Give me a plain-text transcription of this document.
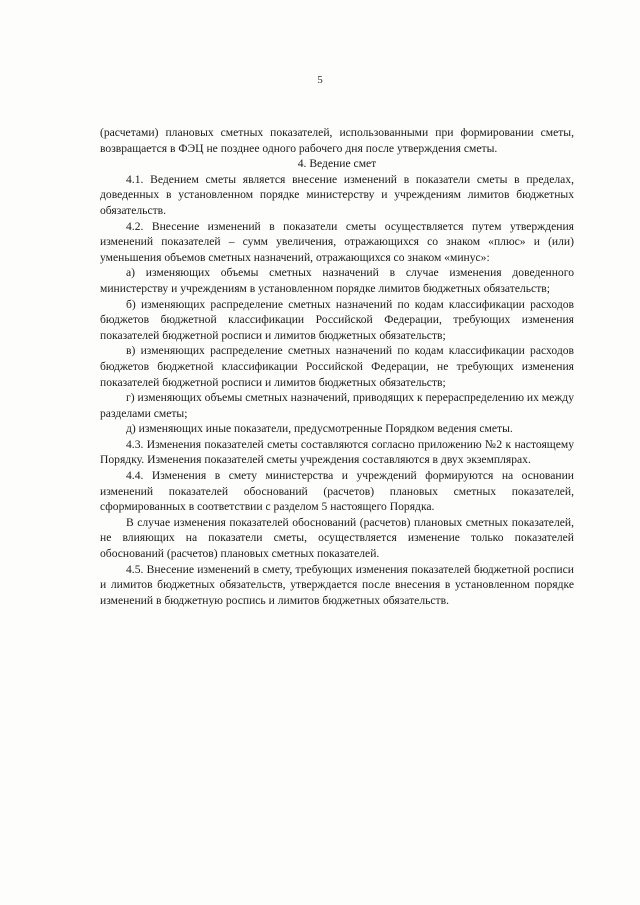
5

(расчетами) плановых сметных показателей, использованными при формировании сметы, возвращается в ФЭЦ не позднее одного рабочего дня после утверждения сметы.

4. Ведение смет

4.1. Ведением сметы является внесение изменений в показатели сметы в пределах, доведенных в установленном порядке министерству и учреждениям лимитов бюджетных обязательств.

4.2. Внесение изменений в показатели сметы осуществляется путем утверждения изменений показателей – сумм увеличения, отражающихся со знаком «плюс» и (или) уменьшения объемов сметных назначений, отражающихся со знаком «минус»:

а) изменяющих объемы сметных назначений в случае изменения доведенного министерству и учреждениям в установленном порядке лимитов бюджетных обязательств;

б) изменяющих распределение сметных назначений по кодам классификации расходов бюджетов бюджетной классификации Российской Федерации, требующих изменения показателей бюджетной росписи и лимитов бюджетных обязательств;

в) изменяющих распределение сметных назначений по кодам классификации расходов бюджетов бюджетной классификации Российской Федерации, не требующих изменения показателей бюджетной росписи и лимитов бюджетных обязательств;

г) изменяющих объемы сметных назначений, приводящих к перераспределению их между разделами сметы;

д) изменяющих иные показатели, предусмотренные Порядком ведения сметы.

4.3. Изменения показателей сметы составляются согласно приложению №2 к настоящему Порядку. Изменения показателей сметы учреждения составляются в двух экземплярах.

4.4. Изменения в смету министерства и учреждений формируются на основании изменений показателей обоснований (расчетов) плановых сметных показателей, сформированных в соответствии с разделом 5 настоящего Порядка.

В случае изменения показателей обоснований (расчетов) плановых сметных показателей, не влияющих на показатели сметы, осуществляется изменение только показателей обоснований (расчетов) плановых сметных показателей.

4.5. Внесение изменений в смету, требующих изменения показателей бюджетной росписи и лимитов бюджетных обязательств, утверждается после внесения в установленном порядке изменений в бюджетную роспись и лимитов бюджетных обязательств.
